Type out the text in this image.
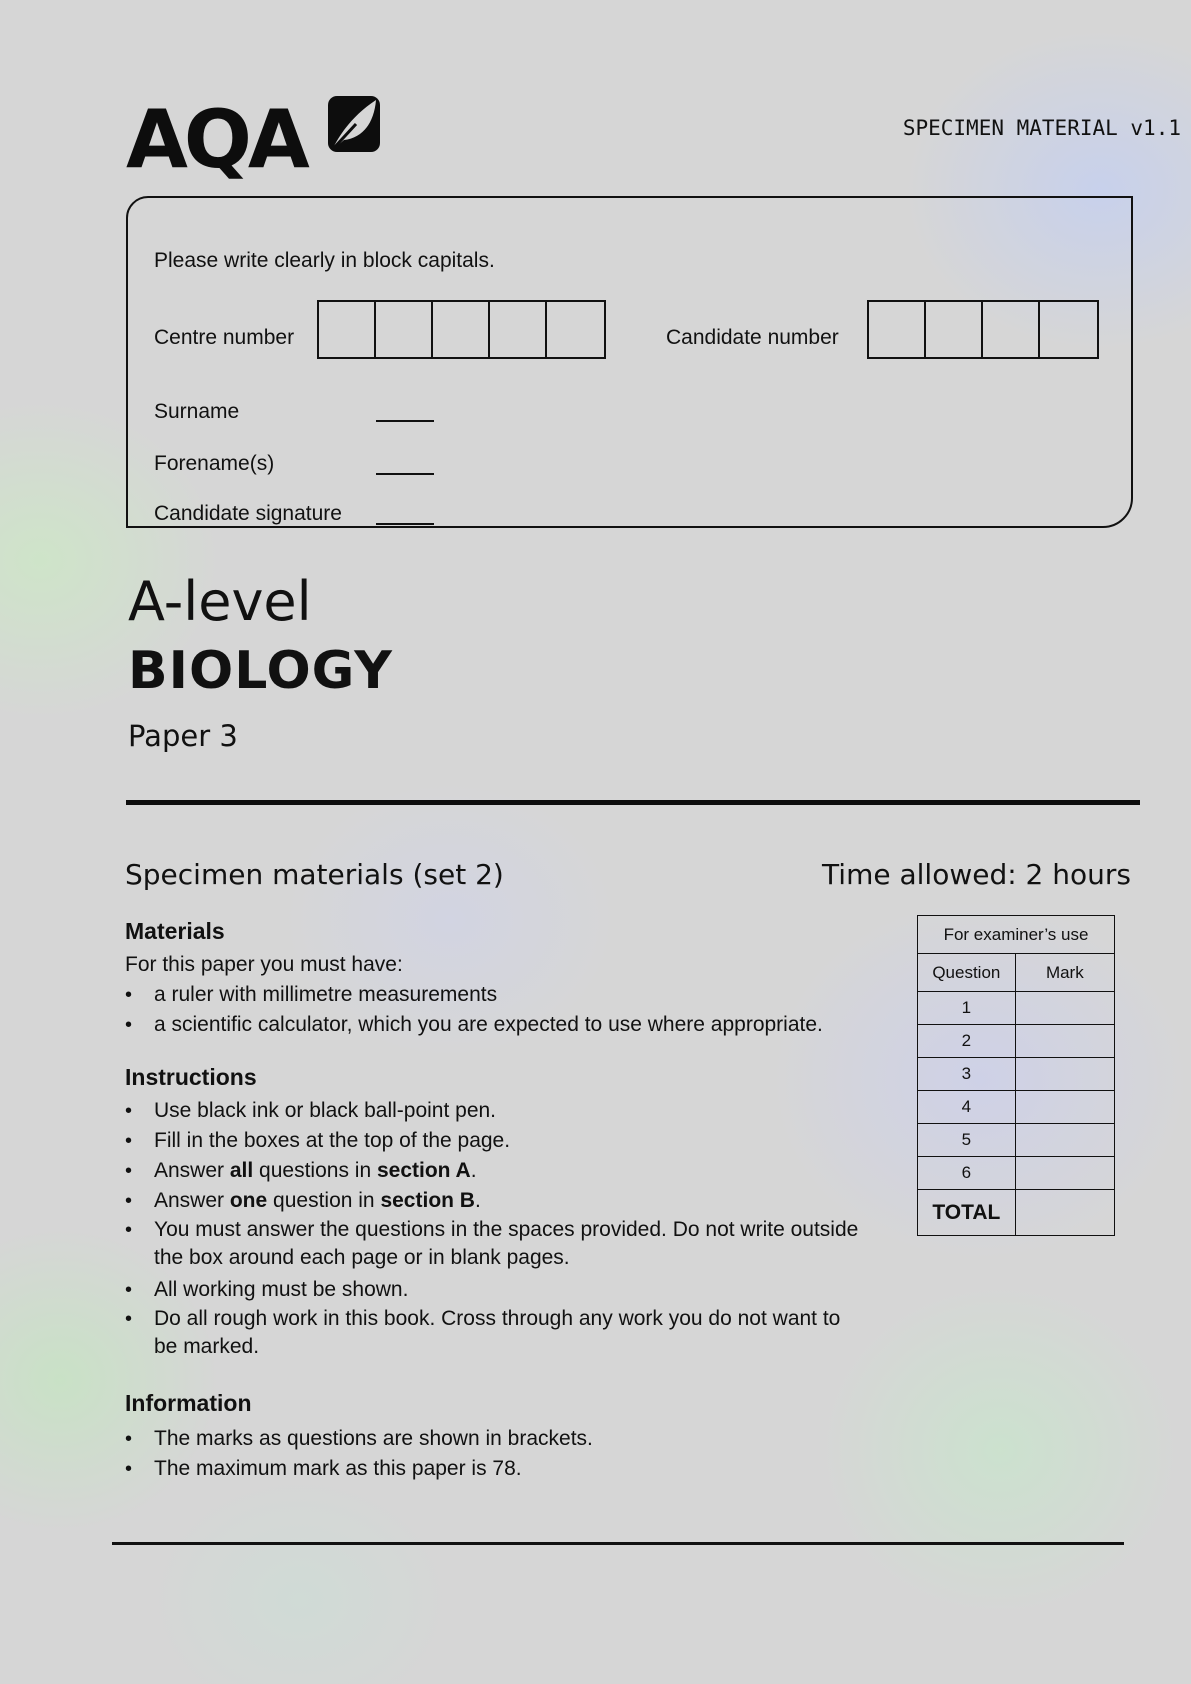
AQA	SPECIMEN MATERIAL v1.1
Please write clearly in block capitals.
Centre number	Candidate number
Surname
Forename(s)
Candidate signature
A-level
BIOLOGY
Paper 3
Specimen materials (set 2)	Time allowed: 2 hours
Materials
For this paper you must have:
• a ruler with millimetre measurements
• a scientific calculator, which you are expected to use where appropriate.
Instructions
• Use black ink or black ball-point pen.
• Fill in the boxes at the top of the page.
• Answer all questions in section A.
• Answer one question in section B.
• You must answer the questions in the spaces provided. Do not write outside the box around each page or in blank pages.
• All working must be shown.
• Do all rough work in this book. Cross through any work you do not want to be marked.
Information
• The marks as questions are shown in brackets.
• The maximum mark as this paper is 78.
For examiner’s use	
Question	Mark
1	
2	
3	
4	
5	
6	
TOTAL	
